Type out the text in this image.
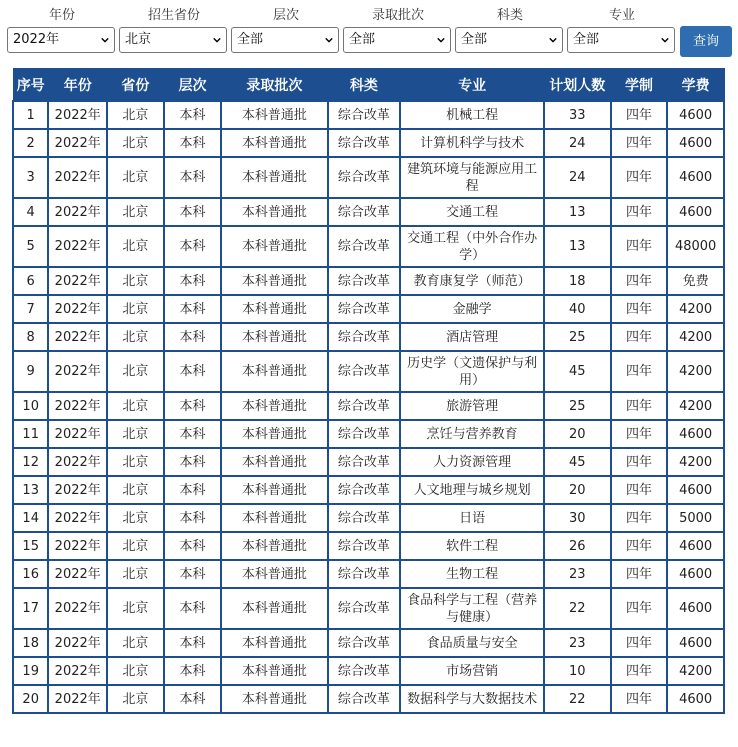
年份
2022年
招生省份
北京
层次
全部
录取批次
全部
科类
全部
专业
全部	查询
序号	年份	省份	层次	录取批次	科类	专业	计划人数	学制	学费
1	2022年	北京	本科	本科普通批	综合改革	机械工程	33	四年	4600
2	2022年	北京	本科	本科普通批	综合改革	计算机科学与技术	24	四年	4600
3	2022年	北京	本科	本科普通批	综合改革	建筑环境与能源应用工程	24	四年	4600
4	2022年	北京	本科	本科普通批	综合改革	交通工程	13	四年	4600
5	2022年	北京	本科	本科普通批	综合改革	交通工程（中外合作办学）	13	四年	48000
6	2022年	北京	本科	本科普通批	综合改革	教育康复学（师范）	18	四年	免费
7	2022年	北京	本科	本科普通批	综合改革	金融学	40	四年	4200
8	2022年	北京	本科	本科普通批	综合改革	酒店管理	25	四年	4200
9	2022年	北京	本科	本科普通批	综合改革	历史学（文遗保护与利用）	45	四年	4200
10	2022年	北京	本科	本科普通批	综合改革	旅游管理	25	四年	4200
11	2022年	北京	本科	本科普通批	综合改革	烹饪与营养教育	20	四年	4600
12	2022年	北京	本科	本科普通批	综合改革	人力资源管理	45	四年	4200
13	2022年	北京	本科	本科普通批	综合改革	人文地理与城乡规划	20	四年	4600
14	2022年	北京	本科	本科普通批	综合改革	日语	30	四年	5000
15	2022年	北京	本科	本科普通批	综合改革	软件工程	26	四年	4600
16	2022年	北京	本科	本科普通批	综合改革	生物工程	23	四年	4600
17	2022年	北京	本科	本科普通批	综合改革	食品科学与工程（营养与健康）	22	四年	4600
18	2022年	北京	本科	本科普通批	综合改革	食品质量与安全	23	四年	4600
19	2022年	北京	本科	本科普通批	综合改革	市场营销	10	四年	4200
20	2022年	北京	本科	本科普通批	综合改革	数据科学与大数据技术	22	四年	4600
